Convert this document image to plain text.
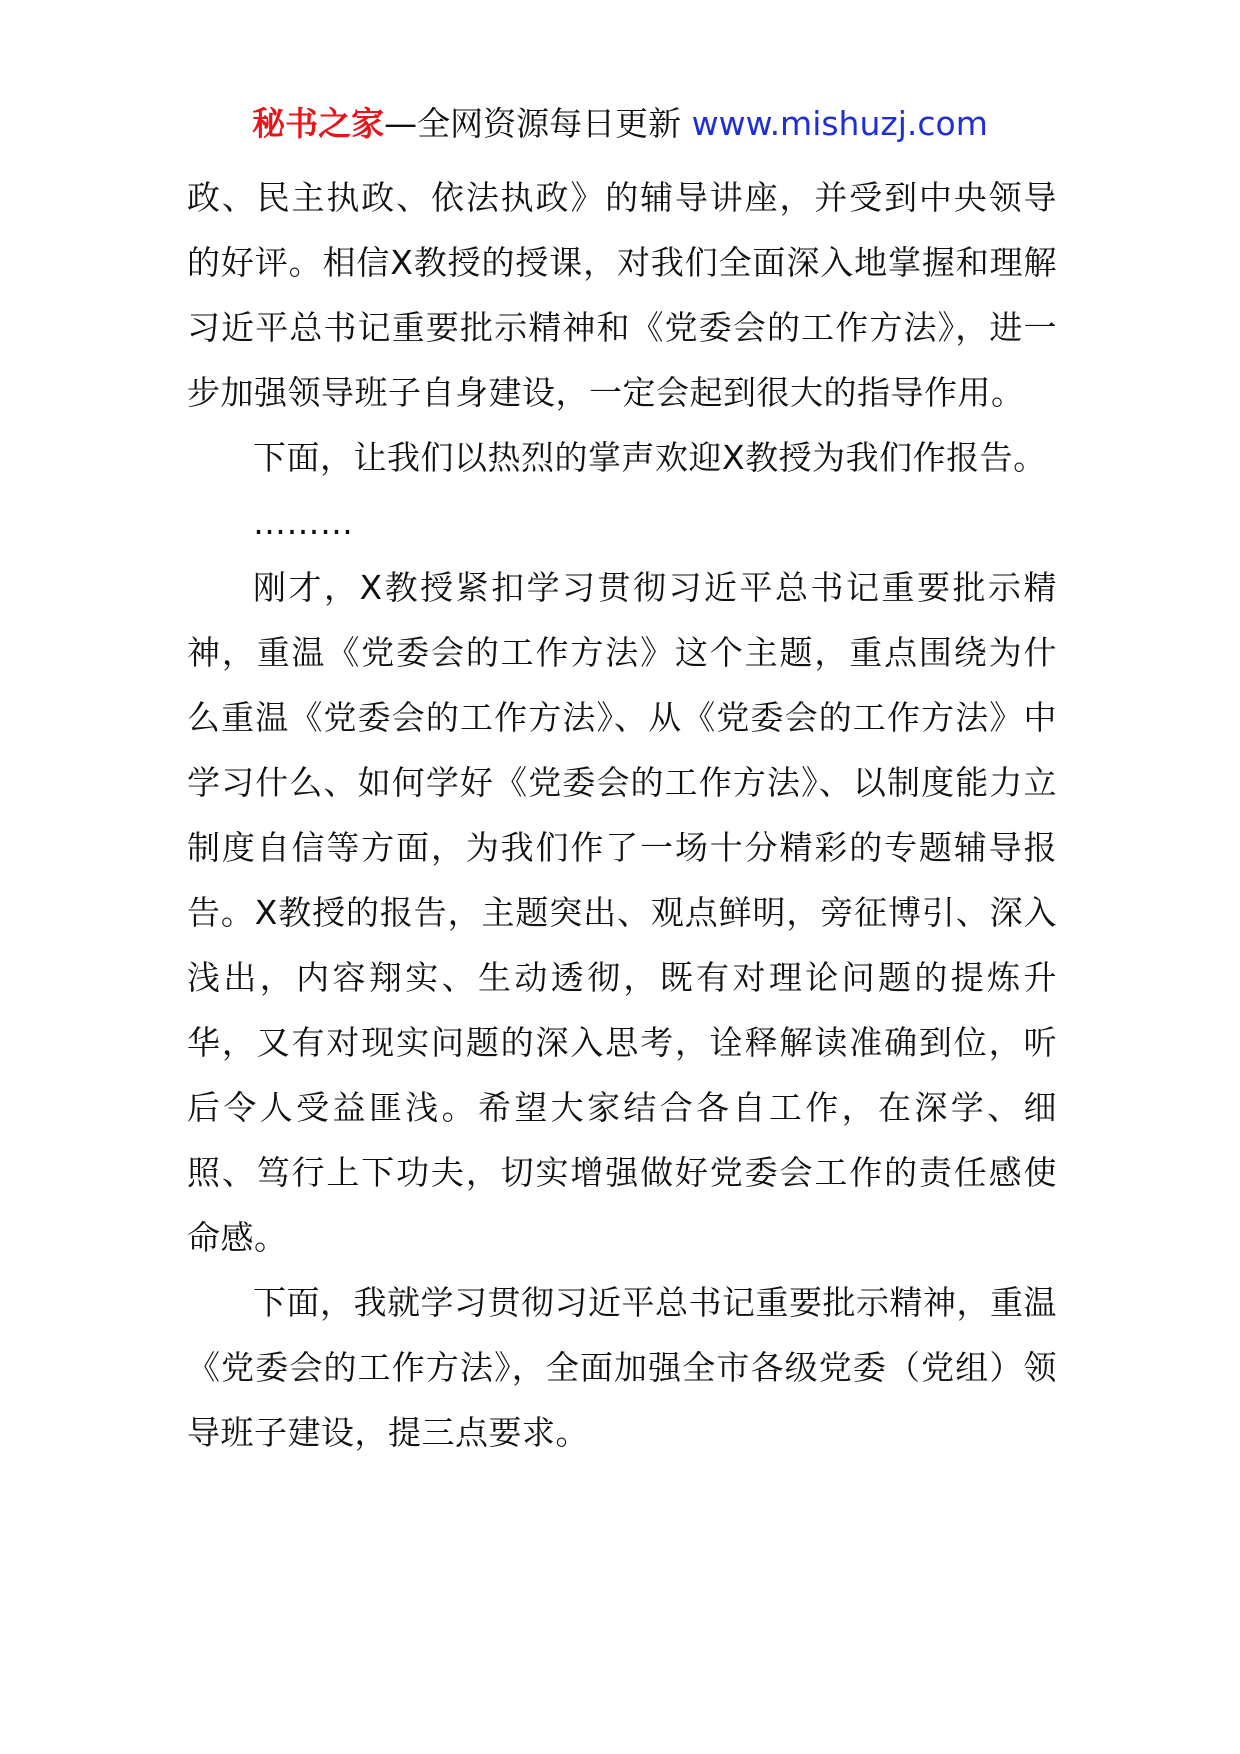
秘书之家—全网资源每日更新 www.mishuzj.com

政、民主执政、依法执政》的辅导讲座，并受到中央领导的好评。相信X教授的授课，对我们全面深入地掌握和理解习近平总书记重要批示精神和《党委会的工作方法》，进一步加强领导班子自身建设，一定会起到很大的指导作用。

下面，让我们以热烈的掌声欢迎X教授为我们作报告。

………

刚才，X教授紧扣学习贯彻习近平总书记重要批示精神，重温《党委会的工作方法》这个主题，重点围绕为什么重温《党委会的工作方法》、从《党委会的工作方法》中学习什么、如何学好《党委会的工作方法》、以制度能力立制度自信等方面，为我们作了一场十分精彩的专题辅导报告。X教授的报告，主题突出、观点鲜明，旁征博引、深入浅出，内容翔实、生动透彻，既有对理论问题的提炼升华，又有对现实问题的深入思考，诠释解读准确到位，听后令人受益匪浅。希望大家结合各自工作，在深学、细照、笃行上下功夫，切实增强做好党委会工作的责任感使命感。

下面，我就学习贯彻习近平总书记重要批示精神，重温《党委会的工作方法》，全面加强全市各级党委（党组）领导班子建设，提三点要求。
